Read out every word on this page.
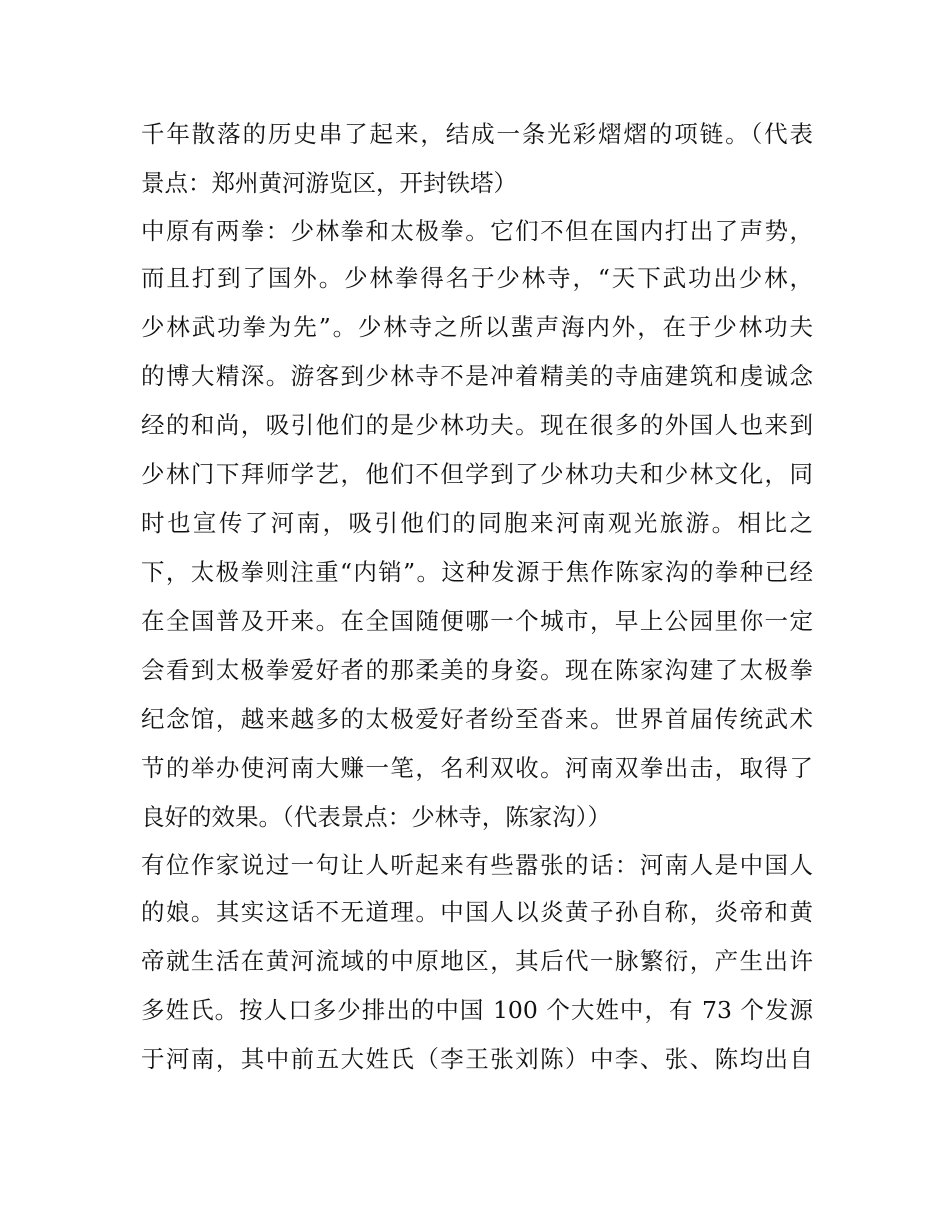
千年散落的历史串了起来，结成一条光彩熠熠的项链。（代表
景点：郑州黄河游览区，开封铁塔）
中原有两拳：少林拳和太极拳。它们不但在国内打出了声势，
而且打到了国外。少林拳得名于少林寺，“天下武功出少林，
少林武功拳为先”。少林寺之所以蜚声海内外，在于少林功夫
的博大精深。游客到少林寺不是冲着精美的寺庙建筑和虔诚念
经的和尚，吸引他们的是少林功夫。现在很多的外国人也来到
少林门下拜师学艺，他们不但学到了少林功夫和少林文化，同
时也宣传了河南，吸引他们的同胞来河南观光旅游。相比之
下，太极拳则注重“内销”。这种发源于焦作陈家沟的拳种已经
在全国普及开来。在全国随便哪一个城市，早上公园里你一定
会看到太极拳爱好者的那柔美的身姿。现在陈家沟建了太极拳
纪念馆，越来越多的太极爱好者纷至沓来。世界首届传统武术
节的举办使河南大赚一笔，名利双收。河南双拳出击，取得了
良好的效果。（代表景点：少林寺，陈家沟））
有位作家说过一句让人听起来有些嚣张的话：河南人是中国人
的娘。其实这话不无道理。中国人以炎黄子孙自称，炎帝和黄
帝就生活在黄河流域的中原地区，其后代一脉繁衍，产生出许
多姓氏。按人口多少排出的中国 100 个大姓中，有 73 个发源
于河南，其中前五大姓氏（李王张刘陈）中李、张、陈均出自
